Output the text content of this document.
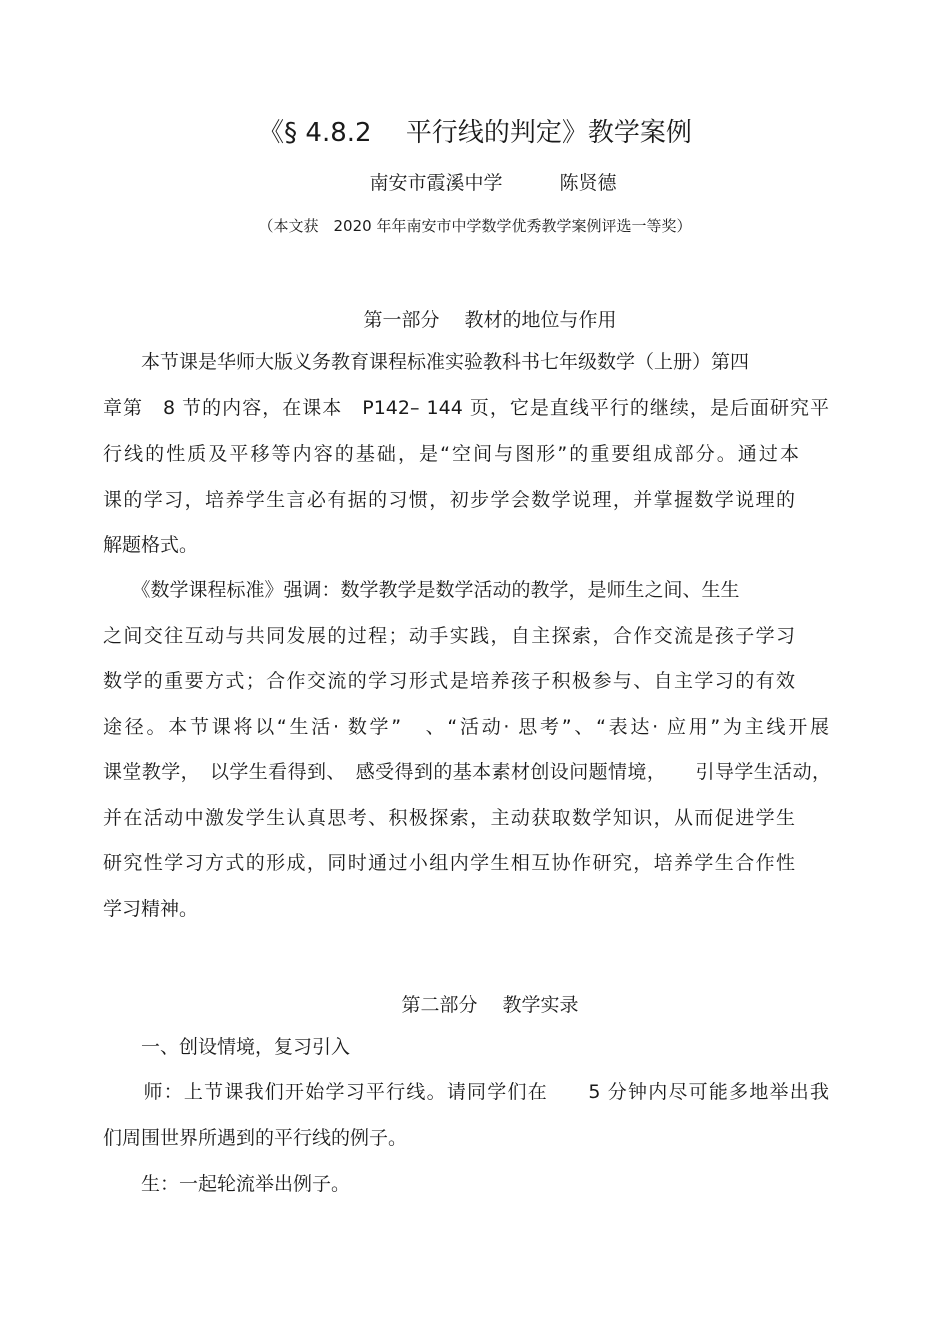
《§ 4.8.2　 平行线的判定》教学案例
南安市霞溪中学　　　陈贤德
（本文获　2020 年年南安市中学数学优秀教学案例评选一等奖）
第一部分　 教材的地位与作用
　　本节课是华师大版义务教育课程标准实验教科书七年级数学（上册）第四
章第　8 节的内容，在课本　P142– 144 页，它是直线平行的继续，是后面研究平
行线的性质及平移等内容的基础，是“空间与图形”的重要组成部分。通过本
课的学习，培养学生言必有据的习惯，初步学会数学说理，并掌握数学说理的
解题格式。
　　《数学课程标准》强调：数学教学是数学活动的教学，是师生之间、生生
之间交往互动与共同发展的过程；动手实践，自主探索，合作交流是孩子学习
数学的重要方式；合作交流的学习形式是培养孩子积极参与、自主学习的有效
途径。本节课将以“生活· 数学”　、“活动· 思考”、“表达· 应用”为主线开展
课堂教学，　以学生看得到、　感受得到的基本素材创设问题情境，　　引导学生活动，
并在活动中激发学生认真思考、积极探索，主动获取数学知识，从而促进学生
研究性学习方式的形成，同时通过小组内学生相互协作研究，培养学生合作性
学习精神。
第二部分　 教学实录
　　一、创设情境，复习引入
　　师：上节课我们开始学习平行线。请同学们在　　5 分钟内尽可能多地举出我
们周围世界所遇到的平行线的例子。
　　生：一起轮流举出例子。
